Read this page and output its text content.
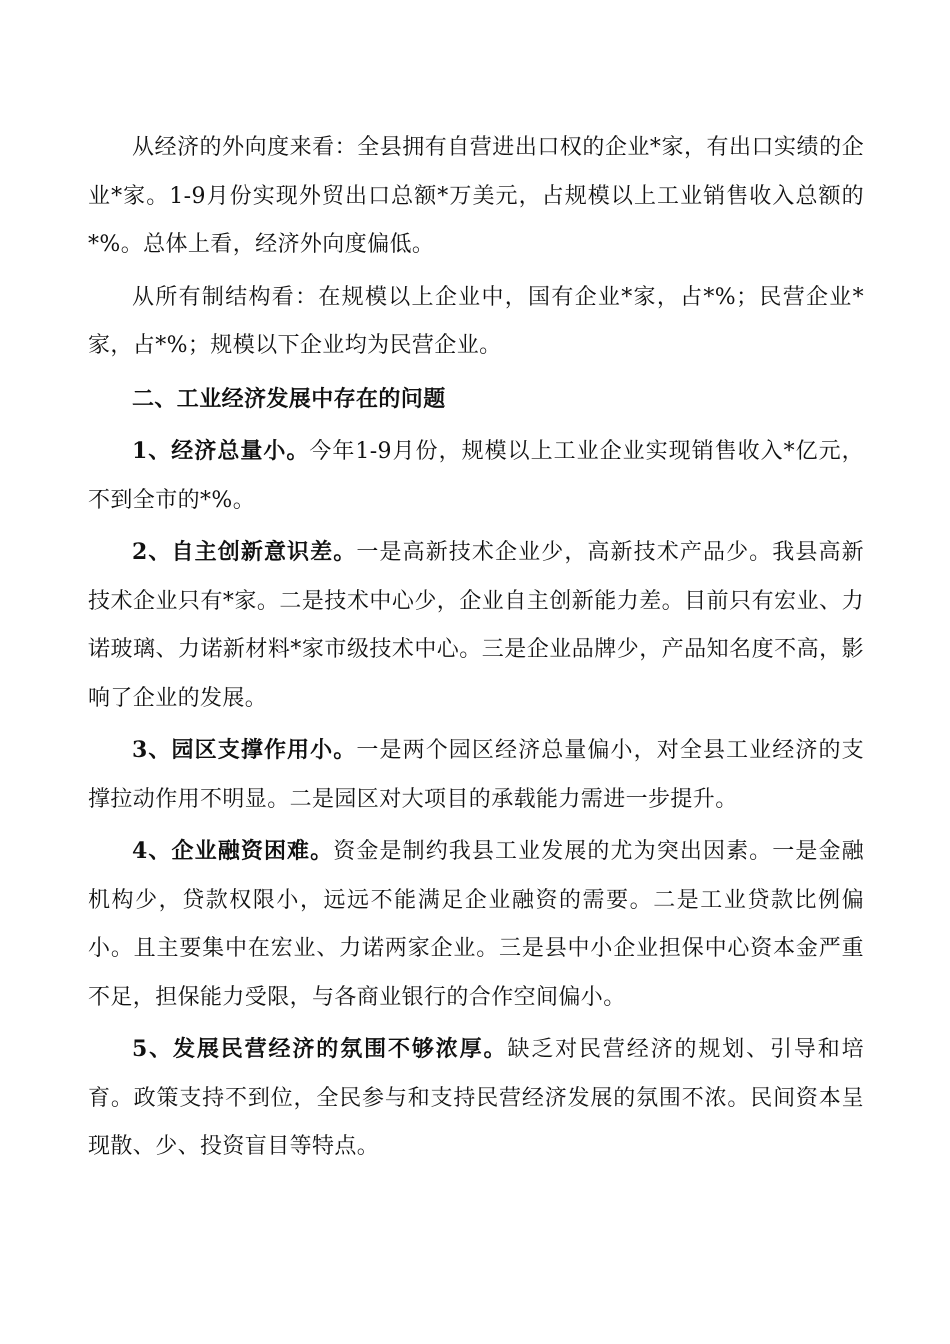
从经济的外向度来看：全县拥有自营进出口权的企业*家，有出口实绩的企业*家。1-9月份实现外贸出口总额*万美元，占规模以上工业销售收入总额的*%。总体上看，经济外向度偏低。

从所有制结构看：在规模以上企业中，国有企业*家，占*%；民营企业*家，占*%；规模以下企业均为民营企业。

二、工业经济发展中存在的问题

1、经济总量小。今年1-9月份，规模以上工业企业实现销售收入*亿元，不到全市的*%。

2、自主创新意识差。一是高新技术企业少，高新技术产品少。我县高新技术企业只有*家。二是技术中心少，企业自主创新能力差。目前只有宏业、力诺玻璃、力诺新材料*家市级技术中心。三是企业品牌少，产品知名度不高，影响了企业的发展。

3、园区支撑作用小。一是两个园区经济总量偏小，对全县工业经济的支撑拉动作用不明显。二是园区对大项目的承载能力需进一步提升。

4、企业融资困难。资金是制约我县工业发展的尤为突出因素。一是金融机构少，贷款权限小，远远不能满足企业融资的需要。二是工业贷款比例偏小。且主要集中在宏业、力诺两家企业。三是县中小企业担保中心资本金严重不足，担保能力受限，与各商业银行的合作空间偏小。

5、发展民营经济的氛围不够浓厚。缺乏对民营经济的规划、引导和培育。政策支持不到位，全民参与和支持民营经济发展的氛围不浓。民间资本呈现散、少、投资盲目等特点。
